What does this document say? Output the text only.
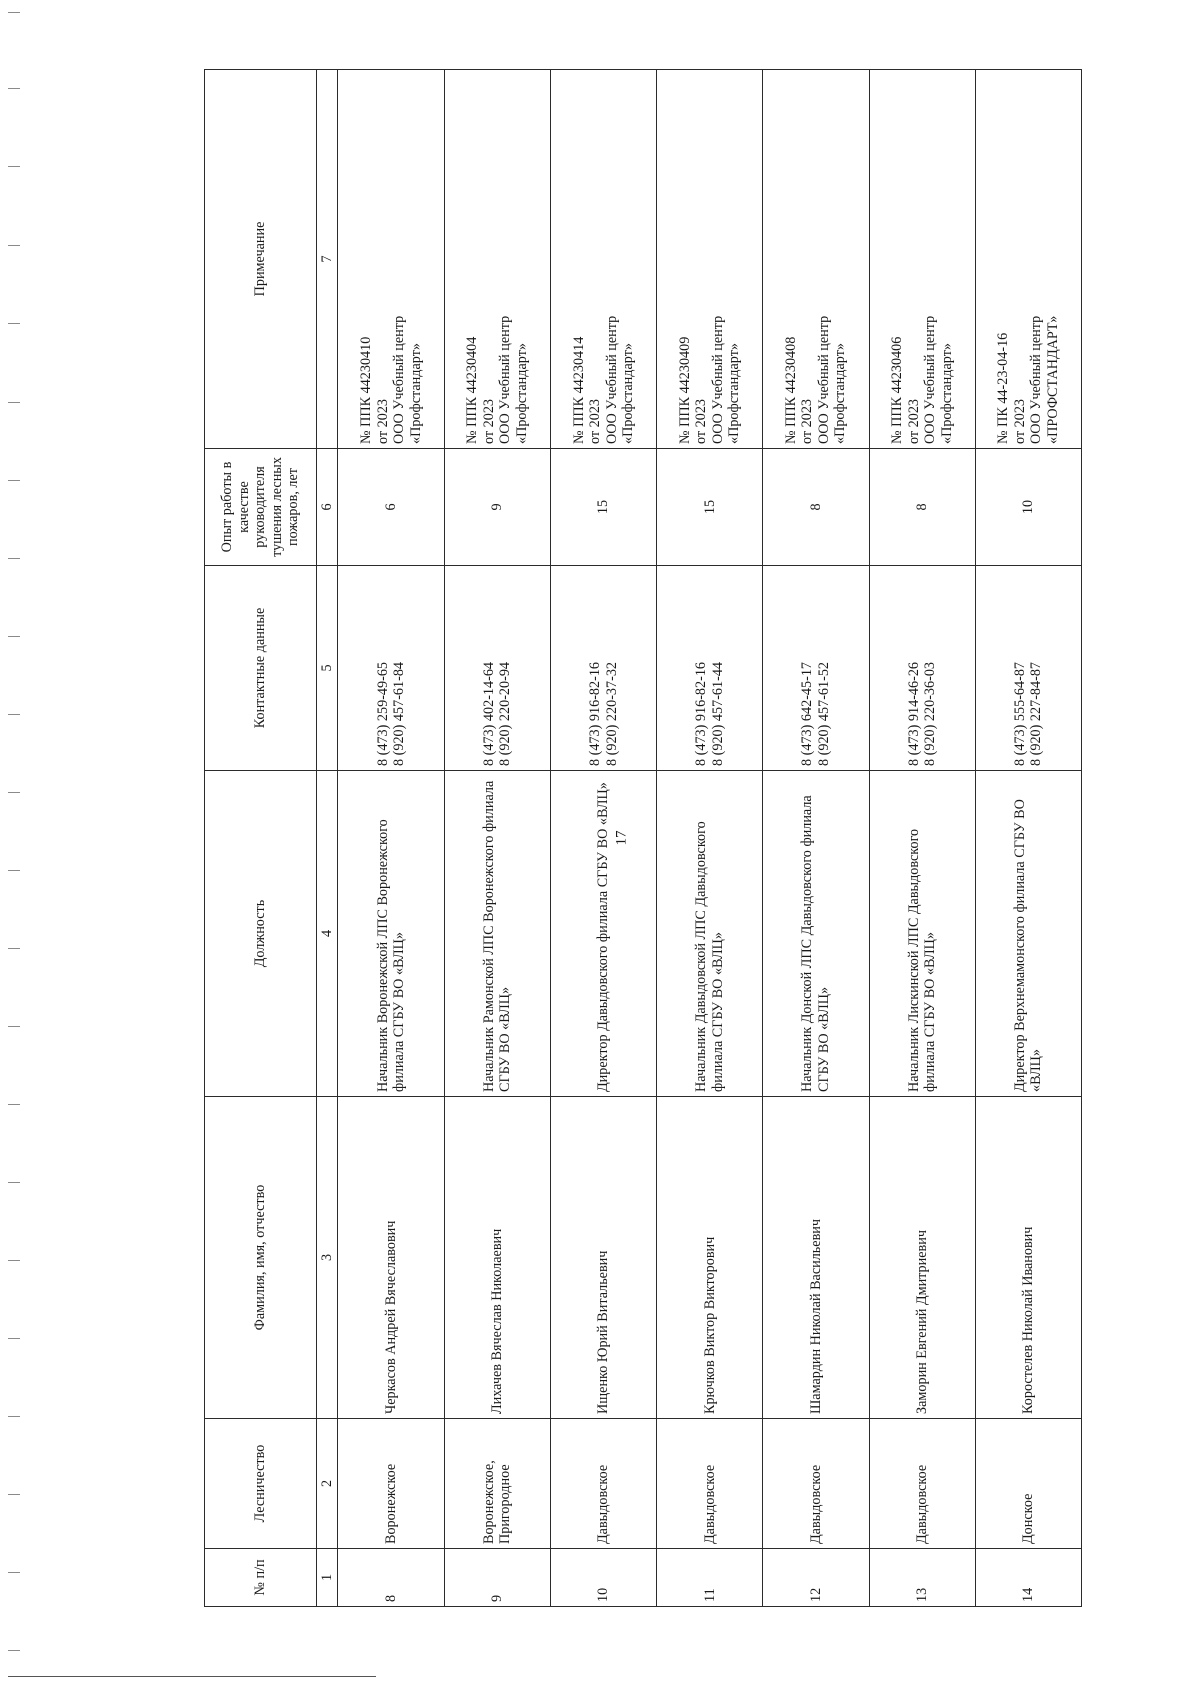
17
№ п/п	Лесничество	Фамилия, имя, отчество	Должность	Контактные данные	Опыт работы в качестве руководителя тушения лесных пожаров, лет	Примечание
1	2	3	4	5	6	7
8	Воронежское	Черкасов Андрей Вячеславович	Начальник Воронежской ЛПС Воронежского филиала СГБУ ВО «ВЛЦ»	8 (473) 259-49-65 8 (920) 457-61-84	6	№ ППК 44230410 от 2023 ООО Учебный центр «Профстандарт»

9	Воронежское, Пригородное	Лихачев Вячеслав Николаевич	Начальник Рамонской ЛПС Воронежского филиала СГБУ ВО «ВЛЦ»	8 (473) 402-14-64 8 (920) 220-20-94	9	№ ППК 44230404 от 2023 ООО Учебный центр «Профстандарт»

10	Давыдовское	Ищенко Юрий Витальевич	Директор Давыдовского филиала СГБУ ВО «ВЛЦ»	8 (473) 916-82-16 8 (920) 220-37-32	15	№ ППК 44230414 от 2023 ООО Учебный центр «Профстандарт»

11	Давыдовское	Крючков Виктор Викторович	Начальник Давыдовской ЛПС Давыдовского филиала СГБУ ВО «ВЛЦ»	8 (473) 916-82-16 8 (920) 457-61-44	15	№ ППК 44230409 от 2023 ООО Учебный центр «Профстандарт»

12	Давыдовское	Шамардин Николай Васильевич	Начальник Донской ЛПС Давыдовского филиала СГБУ ВО «ВЛЦ»	8 (473) 642-45-17 8 (920) 457-61-52	8	№ ППК 44230408 от 2023 ООО Учебный центр «Профстандарт»

13	Давыдовское	Заморин Евгений Дмитриевич	Начальник Лискинской ЛПС Давыдовского филиала СГБУ ВО «ВЛЦ»	8 (473) 914-46-26 8 (920) 220-36-03	8	№ ППК 44230406 от 2023 ООО Учебный центр «Профстандарт»

14	Донское	Коростелев Николай Иванович	Директор Верхнемамонского филиала СГБУ ВО «ВЛЦ»	8 (473) 555-64-87 8 (920) 227-84-87	10	№ ПК 44-23-04-16 от 2023 ООО Учебный центр «ПРОФСТАНДАРТ»
